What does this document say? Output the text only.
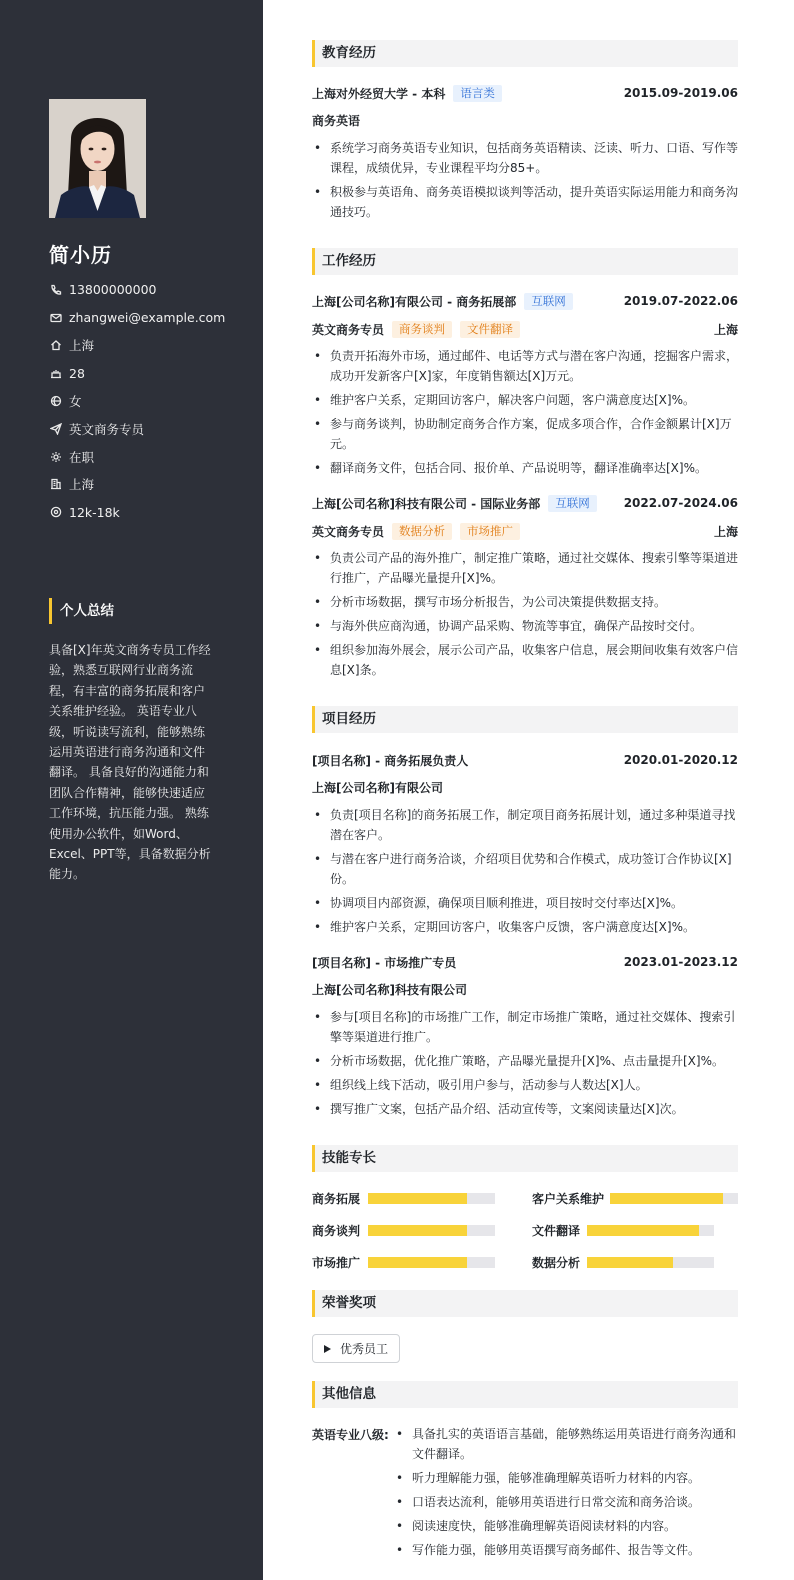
简小历
13800000000
zhangwei@example.com
上海
28
女
英文商务专员
在职
上海
12k-18k
个人总结
具备[X]年英文商务专员工作经验，熟悉互联网行业商务流程，有丰富的商务拓展和客户关系维护经验。 英语专业八级，听说读写流利，能够熟练运用英语进行商务沟通和文件翻译。 具备良好的沟通能力和团队合作精神，能够快速适应工作环境，抗压能力强。 熟练使用办公软件，如Word、Excel、PPT等，具备数据分析能力。
教育经历
上海对外经贸大学 - 本科	语言类	2015.09-2019.06
商务英语
• 系统学习商务英语专业知识，包括商务英语精读、泛读、听力、口语、写作等课程，成绩优异，专业课程平均分85+。
• 积极参与英语角、商务英语模拟谈判等活动，提升英语实际运用能力和商务沟通技巧。
工作经历
上海[公司名称]有限公司 - 商务拓展部	互联网	2019.07-2022.06
英文商务专员	商务谈判	文件翻译	上海
• 负责开拓海外市场，通过邮件、电话等方式与潜在客户沟通，挖掘客户需求，成功开发新客户[X]家，年度销售额达[X]万元。
• 维护客户关系，定期回访客户，解决客户问题，客户满意度达[X]%。
• 参与商务谈判，协助制定商务合作方案，促成多项合作，合作金额累计[X]万元。
• 翻译商务文件，包括合同、报价单、产品说明等，翻译准确率达[X]%。
上海[公司名称]科技有限公司 - 国际业务部	互联网	2022.07-2024.06
英文商务专员	数据分析	市场推广	上海
• 负责公司产品的海外推广，制定推广策略，通过社交媒体、搜索引擎等渠道进行推广，产品曝光量提升[X]%。
• 分析市场数据，撰写市场分析报告，为公司决策提供数据支持。
• 与海外供应商沟通，协调产品采购、物流等事宜，确保产品按时交付。
• 组织参加海外展会，展示公司产品，收集客户信息，展会期间收集有效客户信息[X]条。
项目经历
[项目名称] - 商务拓展负责人	2020.01-2020.12
上海[公司名称]有限公司
• 负责[项目名称]的商务拓展工作，制定项目商务拓展计划，通过多种渠道寻找潜在客户。
• 与潜在客户进行商务洽谈，介绍项目优势和合作模式，成功签订合作协议[X]份。
• 协调项目内部资源，确保项目顺利推进，项目按时交付率达[X]%。
• 维护客户关系，定期回访客户，收集客户反馈，客户满意度达[X]%。
[项目名称] - 市场推广专员	2023.01-2023.12
上海[公司名称]科技有限公司
• 参与[项目名称]的市场推广工作，制定市场推广策略，通过社交媒体、搜索引擎等渠道进行推广。
• 分析市场数据，优化推广策略，产品曝光量提升[X]%、点击量提升[X]%。
• 组织线上线下活动，吸引用户参与，活动参与人数达[X]人。
• 撰写推广文案，包括产品介绍、活动宣传等，文案阅读量达[X]次。
技能专长
商务拓展	客户关系维护
商务谈判	文件翻译
市场推广	数据分析
荣誉奖项
优秀员工
其他信息
英语专业八级:
•	具备扎实的英语语言基础，能够熟练运用英语进行商务沟通和文件翻译。
• 听力理解能力强，能够准确理解英语听力材料的内容。
• 口语表达流利，能够用英语进行日常交流和商务洽谈。
• 阅读速度快，能够准确理解英语阅读材料的内容。
• 写作能力强，能够用英语撰写商务邮件、报告等文件。
